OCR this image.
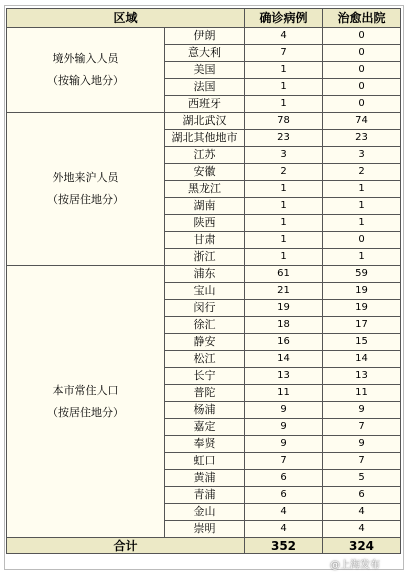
区域		确诊病例	治愈出院

境外输入人员
（按输入地分）	伊朗	4	0
	意大利	7	0
	美国	1	0
	法国	1	0
	西班牙	1	0

外地来沪人员
（按居住地分）	湖北武汉	78	74
	湖北其他地市	23	23
	江苏	3	3
	安徽	2	2
	黑龙江	1	1
	湖南	1	1
	陕西	1	1
	甘肃	1	0
	浙江	1	1

本市常住人口
（按居住地分）	浦东	61	59
	宝山	21	19
	闵行	19	19
	徐汇	18	17
	静安	16	15
	松江	14	14
	长宁	13	13
	普陀	11	11
	杨浦	9	9
	嘉定	9	7
	奉贤	9	9
	虹口	7	7
	黄浦	6	5
	青浦	6	6
	金山	4	4
	崇明	4	4
合计		352	324
@上海发布
